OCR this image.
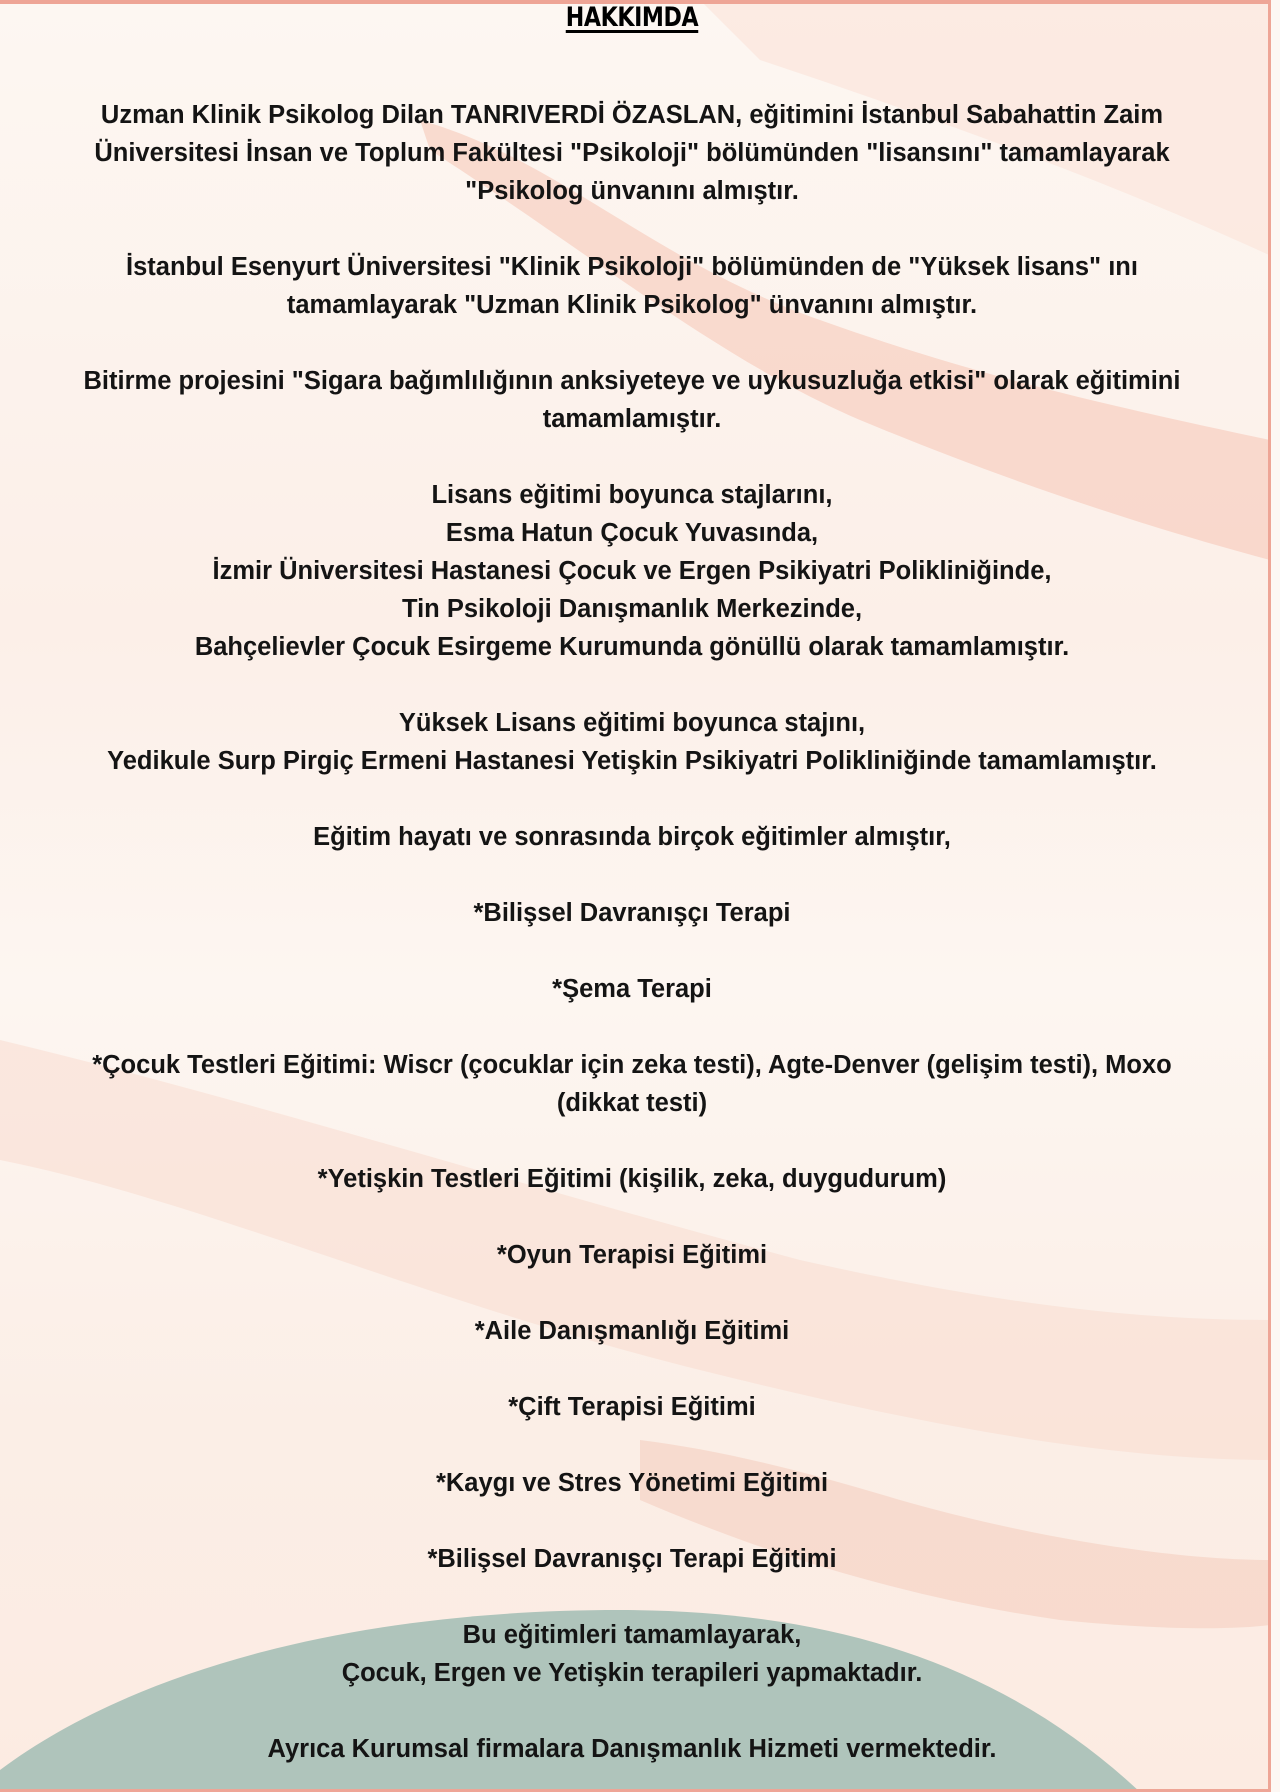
HAKKIMDA
Uzman Klinik Psikolog Dilan TANRIVERDİ ÖZASLAN, eğitimini İstanbul Sabahattin Zaim
Üniversitesi İnsan ve Toplum Fakültesi "Psikoloji" bölümünden "lisansını" tamamlayarak
"Psikolog ünvanını almıştır.
İstanbul Esenyurt Üniversitesi "Klinik Psikoloji" bölümünden de "Yüksek lisans" ını
tamamlayarak "Uzman Klinik Psikolog" ünvanını almıştır.
Bitirme projesini "Sigara bağımlılığının anksiyeteye ve uykusuzluğa etkisi" olarak eğitimini
tamamlamıştır.
Lisans eğitimi boyunca stajlarını,
Esma Hatun Çocuk Yuvasında,
İzmir Üniversitesi Hastanesi Çocuk ve Ergen Psikiyatri Polikliniğinde,
Tin Psikoloji Danışmanlık Merkezinde,
Bahçelievler Çocuk Esirgeme Kurumunda gönüllü olarak tamamlamıştır.
Yüksek Lisans eğitimi boyunca stajını,
Yedikule Surp Pirgiç Ermeni Hastanesi Yetişkin Psikiyatri Polikliniğinde tamamlamıştır.
Eğitim hayatı ve sonrasında birçok eğitimler almıştır,
*Bilişsel Davranışçı Terapi
*Şema Terapi
*Çocuk Testleri Eğitimi: Wiscr (çocuklar için zeka testi), Agte-Denver (gelişim testi), Moxo
(dikkat testi)
*Yetişkin Testleri Eğitimi (kişilik, zeka, duygudurum)
*Oyun Terapisi Eğitimi
*Aile Danışmanlığı Eğitimi
*Çift Terapisi Eğitimi
*Kaygı ve Stres Yönetimi Eğitimi
*Bilişsel Davranışçı Terapi Eğitimi
Bu eğitimleri tamamlayarak,
Çocuk, Ergen ve Yetişkin terapileri yapmaktadır.
Ayrıca Kurumsal firmalara Danışmanlık Hizmeti vermektedir.
